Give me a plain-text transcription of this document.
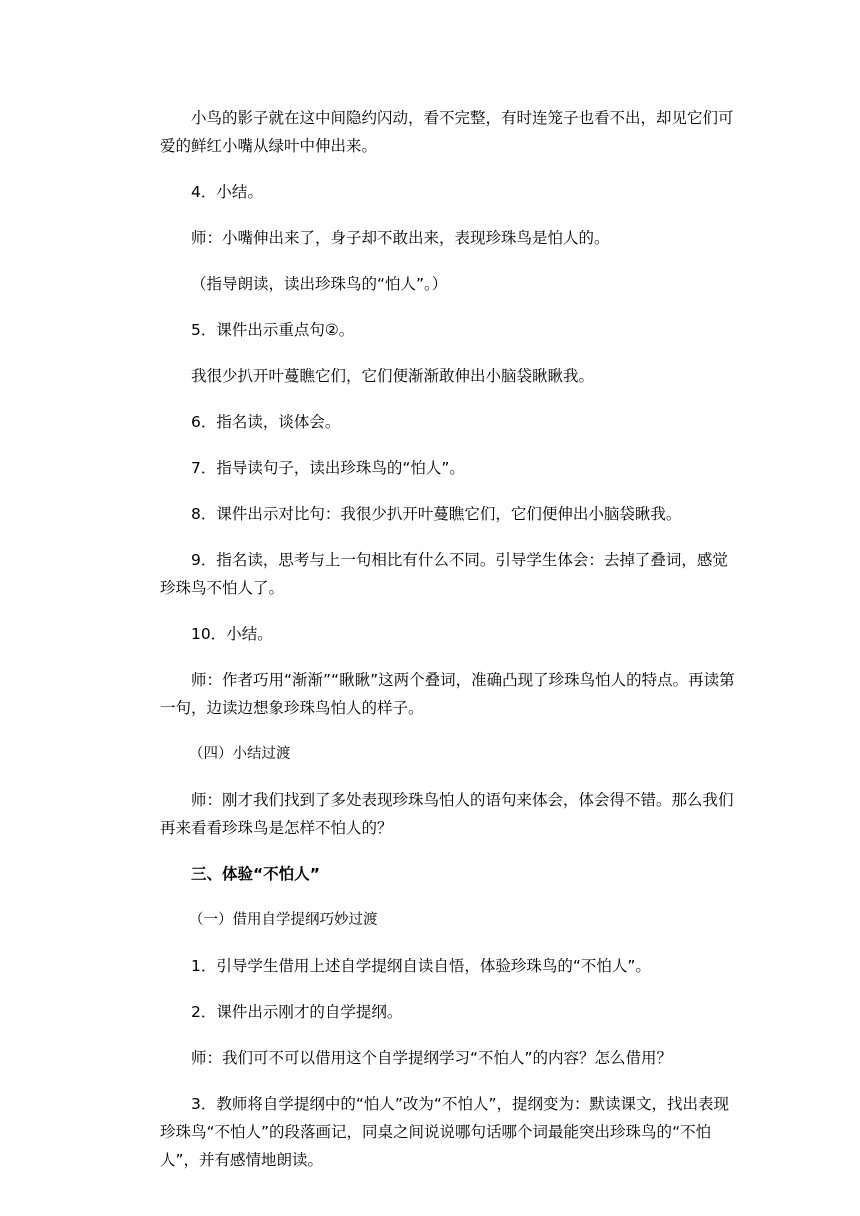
小鸟的影子就在这中间隐约闪动，看不完整，有时连笼子也看不出，却见它们可爱的鲜红小嘴从绿叶中伸出来。

4．小结。

师：小嘴伸出来了，身子却不敢出来，表现珍珠鸟是怕人的。

（指导朗读，读出珍珠鸟的“怕人”。）

5．课件出示重点句②。

我很少扒开叶蔓瞧它们，它们便渐渐敢伸出小脑袋瞅瞅我。

6．指名读，谈体会。

7．指导读句子，读出珍珠鸟的“怕人”。

8．课件出示对比句：我很少扒开叶蔓瞧它们，它们便伸出小脑袋瞅我。

9．指名读，思考与上一句相比有什么不同。引导学生体会：去掉了叠词，感觉珍珠鸟不怕人了。

10．小结。

师：作者巧用“渐渐”“瞅瞅”这两个叠词，准确凸现了珍珠鸟怕人的特点。再读第一句，边读边想象珍珠鸟怕人的样子。

（四）小结过渡

师：刚才我们找到了多处表现珍珠鸟怕人的语句来体会，体会得不错。那么我们再来看看珍珠鸟是怎样不怕人的？

三、体验“不怕人”

（一）借用自学提纲巧妙过渡

1．引导学生借用上述自学提纲自读自悟，体验珍珠鸟的“不怕人”。

2．课件出示刚才的自学提纲。

师：我们可不可以借用这个自学提纲学习“不怕人”的内容？怎么借用？

3．教师将自学提纲中的“怕人”改为“不怕人”，提纲变为：默读课文，找出表现珍珠鸟“不怕人”的段落画记，同桌之间说说哪句话哪个词最能突出珍珠鸟的“不怕人”，并有感情地朗读。
